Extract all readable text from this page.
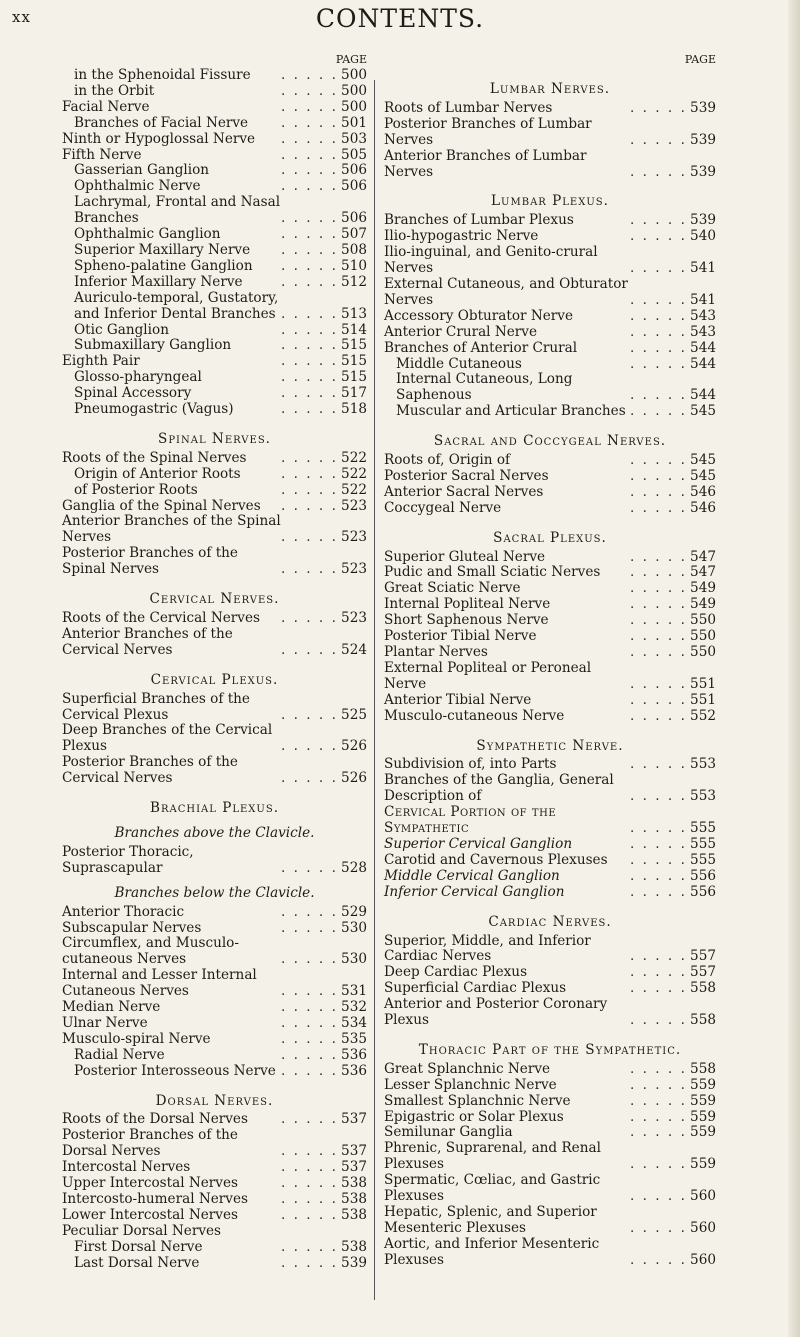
xx	CONTENTS.
PAGE
in the Sphenoidal Fissure . . .	500
in the Orbit . . .	500
Facial Nerve . . .	500
Branches of Facial Nerve . . .	501
Ninth or Hypoglossal Nerve . . .	503
Fifth Nerve . . .	505
Gasserian Ganglion . . .	506
Ophthalmic Nerve . . .	506
Lachrymal, Frontal and Nasal Branches . . .	506
Ophthalmic Ganglion . . .	507
Superior Maxillary Nerve . . .	508
Spheno-palatine Ganglion . . .	510
Inferior Maxillary Nerve . . .	512
Auriculo-temporal, Gustatory, and Inferior Dental Branches . . .	513
Otic Ganglion . . .	514
Submaxillary Ganglion . . .	515
Eighth Pair . . .	515
Glosso-pharyngeal . . .	515
Spinal Accessory . . .	517
Pneumogastric (Vagus) . . .	518
Spinal Nerves.
Roots of the Spinal Nerves . . .	522
Origin of Anterior Roots . . .	522
of Posterior Roots . . .	522
Ganglia of the Spinal Nerves . . .	523
Anterior Branches of the Spinal Nerves . . .	523
Posterior Branches of the Spinal Nerves . . .	523
Cervical Nerves.
Roots of the Cervical Nerves . . .	523
Anterior Branches of the Cervical Nerves . . .	524
Cervical Plexus.
Superficial Branches of the Cervical Plexus . . .	525
Deep Branches of the Cervical Plexus . . .	526
Posterior Branches of the Cervical Nerves . . .	526
Brachial Plexus.
Branches above the Clavicle.
Posterior Thoracic, Suprascapular . . .	528
Branches below the Clavicle.
Anterior Thoracic . . .	529
Subscapular Nerves . . .	530
Circumflex, and Musculo-cutaneous Nerves . . .	530
Internal and Lesser Internal Cutaneous Nerves . . .	531
Median Nerve . . .	532
Ulnar Nerve . . .	534
Musculo-spiral Nerve . . .	535
Radial Nerve . . .	536
Posterior Interosseous Nerve . . .	536
Dorsal Nerves.
Roots of the Dorsal Nerves . . .	537
Posterior Branches of the Dorsal Nerves . . .	537
Intercostal Nerves . . .	537
Upper Intercostal Nerves . . .	538
Intercosto-humeral Nerves . . .	538
Lower Intercostal Nerves . . .	538
Peculiar Dorsal Nerves
First Dorsal Nerve . . .	538
Last Dorsal Nerve . . .	539
PAGE
Lumbar Nerves.
Roots of Lumbar Nerves . . .	539
Posterior Branches of Lumbar Nerves . . .	539
Anterior Branches of Lumbar Nerves . . .	539
Lumbar Plexus.
Branches of Lumbar Plexus . . .	539
Ilio-hypogastric Nerve . . .	540
Ilio-inguinal, and Genito-crural Nerves . . .	541
External Cutaneous, and Obturator Nerves . . .	541
Accessory Obturator Nerve . . .	543
Anterior Crural Nerve . . .	543
Branches of Anterior Crural . . .	544
Middle Cutaneous . . .	544
Internal Cutaneous, Long Saphenous . . .	544
Muscular and Articular Branches . . .	545
Sacral and Coccygeal Nerves.
Roots of, Origin of . . .	545
Posterior Sacral Nerves . . .	545
Anterior Sacral Nerves . . .	546
Coccygeal Nerve . . .	546
Sacral Plexus.
Superior Gluteal Nerve . . .	547
Pudic and Small Sciatic Nerves . . .	547
Great Sciatic Nerve . . .	549
Internal Popliteal Nerve . . .	549
Short Saphenous Nerve . . .	550
Posterior Tibial Nerve . . .	550
Plantar Nerves . . .	550
External Popliteal or Peroneal Nerve . . .	551
Anterior Tibial Nerve . . .	551
Musculo-cutaneous Nerve . . .	552
Sympathetic Nerve.
Subdivision of, into Parts . . .	553
Branches of the Ganglia, General Description of . . .	553
Cervical Portion of the Sympathetic . . .	555
Superior Cervical Ganglion . . .	555
Carotid and Cavernous Plexuses . . .	555
Middle Cervical Ganglion . . .	556
Inferior Cervical Ganglion . . .	556
Cardiac Nerves.
Superior, Middle, and Inferior Cardiac Nerves . . .	557
Deep Cardiac Plexus . . .	557
Superficial Cardiac Plexus . . .	558
Anterior and Posterior Coronary Plexus . . .	558
Thoracic Part of the Sympathetic.
Great Splanchnic Nerve . . .	558
Lesser Splanchnic Nerve . . .	559
Smallest Splanchnic Nerve . . .	559
Epigastric or Solar Plexus . . .	559
Semilunar Ganglia . . .	559
Phrenic, Suprarenal, and Renal Plexuses . . .	559
Spermatic, Cœliac, and Gastric Plexuses . . .	560
Hepatic, Splenic, and Superior Mesenteric Plexuses . . .	560
Aortic, and Inferior Mesenteric Plexuses . . .	560
